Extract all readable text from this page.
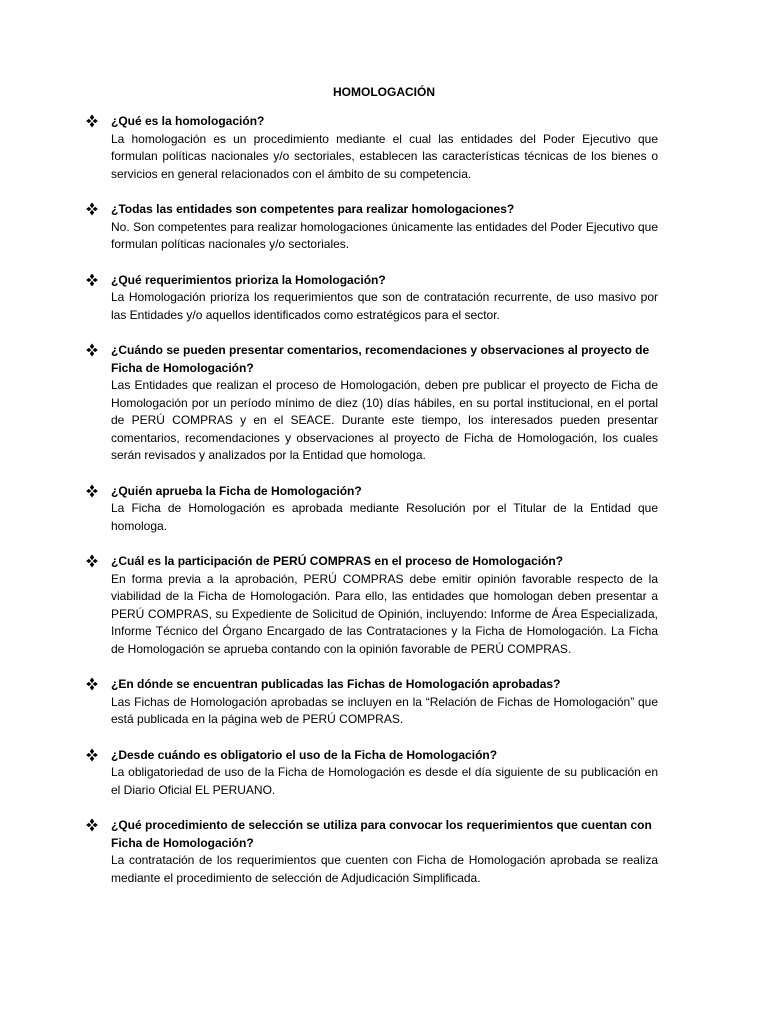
HOMOLOGACIÓN
¿Qué es la homologación?
La homologación es un procedimiento mediante el cual las entidades del Poder Ejecutivo que formulan políticas nacionales y/o sectoriales, establecen las características técnicas de los bienes o servicios en general relacionados con el ámbito de su competencia.
¿Todas las entidades son competentes para realizar homologaciones?
No. Son competentes para realizar homologaciones únicamente las entidades del Poder Ejecutivo que formulan políticas nacionales y/o sectoriales.
¿Qué requerimientos prioriza la Homologación?
La Homologación prioriza los requerimientos que son de contratación recurrente, de uso masivo por las Entidades y/o aquellos identificados como estratégicos para el sector.
¿Cuándo se pueden presentar comentarios, recomendaciones y observaciones al proyecto de Ficha de Homologación?
Las Entidades que realizan el proceso de Homologación, deben pre publicar el proyecto de Ficha de Homologación por un período mínimo de diez (10) días hábiles, en su portal institucional, en el portal de PERÚ COMPRAS y en el SEACE. Durante este tiempo, los interesados pueden presentar comentarios, recomendaciones y observaciones al proyecto de Ficha de Homologación, los cuales serán revisados y analizados por la Entidad que homologa.
¿Quién aprueba la Ficha de Homologación?
La Ficha de Homologación es aprobada mediante Resolución por el Titular de la Entidad que homologa.
¿Cuál es la participación de PERÚ COMPRAS en el proceso de Homologación?
En forma previa a la aprobación, PERÚ COMPRAS debe emitir opinión favorable respecto de la viabilidad de la Ficha de Homologación. Para ello, las entidades que homologan deben presentar a PERÚ COMPRAS, su Expediente de Solicitud de Opinión, incluyendo: Informe de Área Especializada, Informe Técnico del Órgano Encargado de las Contrataciones y la Ficha de Homologación. La Ficha de Homologación se aprueba contando con la opinión favorable de PERÚ COMPRAS.
¿En dónde se encuentran publicadas las Fichas de Homologación aprobadas?
Las Fichas de Homologación aprobadas se incluyen en la “Relación de Fichas de Homologación” que está publicada en la página web de PERÚ COMPRAS.
¿Desde cuándo es obligatorio el uso de la Ficha de Homologación?
La obligatoriedad de uso de la Ficha de Homologación es desde el día siguiente de su publicación en el Diario Oficial EL PERUANO.
¿Qué procedimiento de selección se utiliza para convocar los requerimientos que cuentan con Ficha de Homologación?
La contratación de los requerimientos que cuenten con Ficha de Homologación aprobada se realiza mediante el procedimiento de selección de Adjudicación Simplificada.
